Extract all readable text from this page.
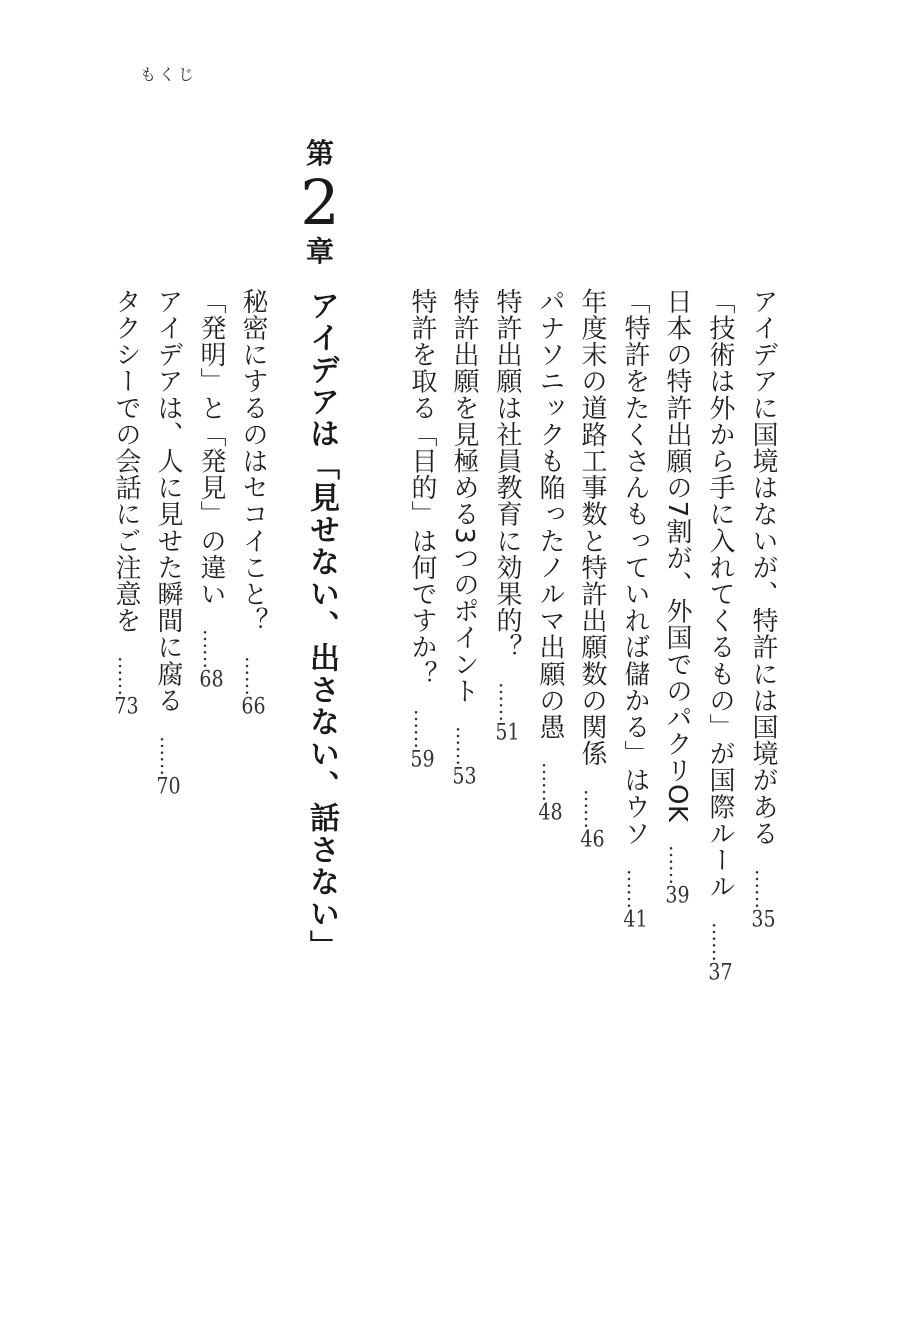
もくじ
アイデアに国境はないが、特許には国境がある……35
「技術は外から手に入れてくるもの」が国際ルール……37
日本の特許出願の7割が、外国でのパクリOK……39
「特許をたくさんもっていれば儲かる」はウソ……41
年度末の道路工事数と特許出願数の関係……46
パナソニックも陥ったノルマ出願の愚……48
特許出願は社員教育に効果的？……51
特許出願を見極める3つのポイント……53
特許を取る「目的」は何ですか？……59
第
2
章
アイデアは「見せない、出さない、話さない」
秘密にするのはセコイこと？……66
「発明」と「発見」の違い……68
アイデアは、人に見せた瞬間に腐る……70
タクシーでの会話にご注意を……73
